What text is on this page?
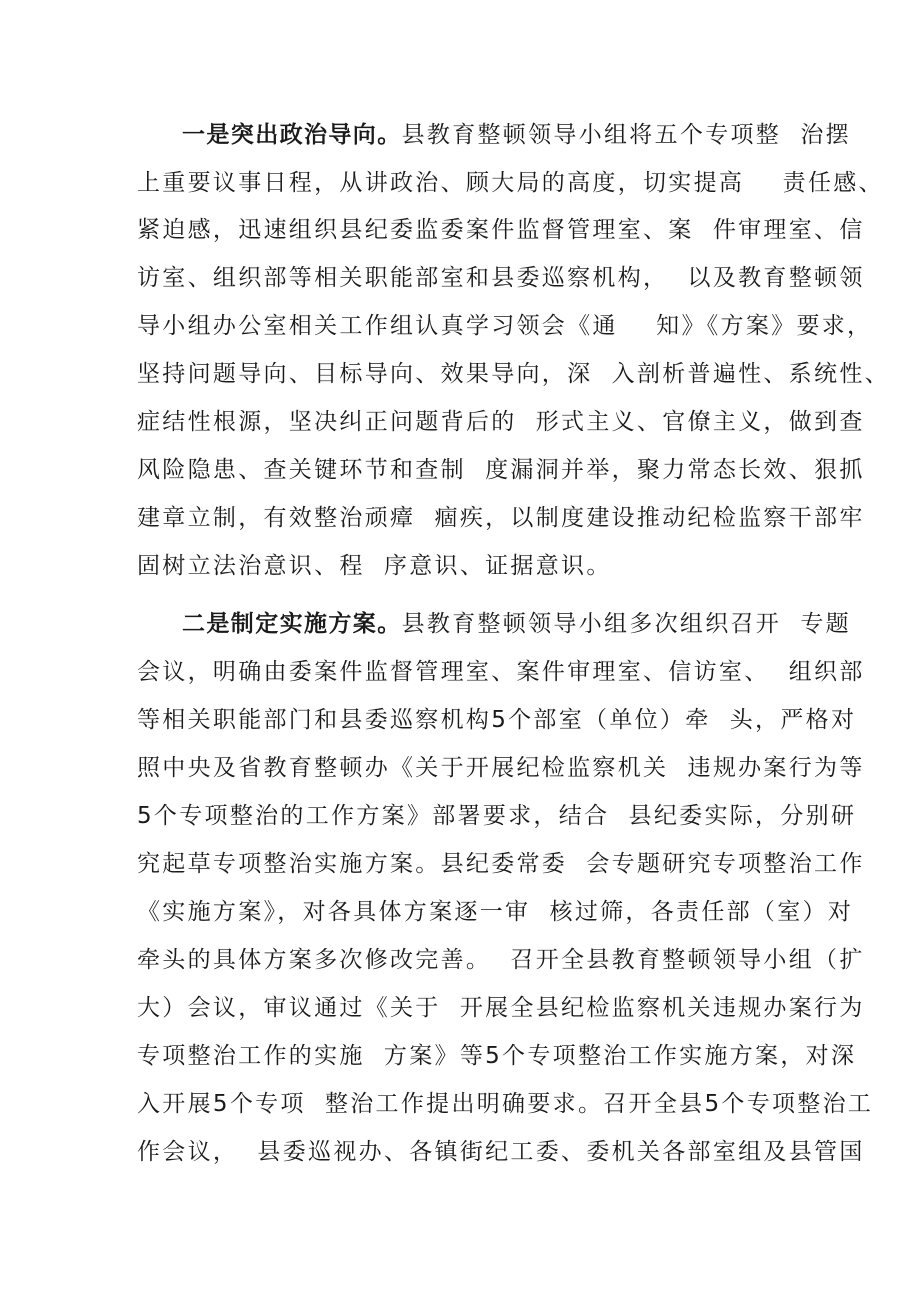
一是突出政治导向。县教育整顿领导小组将五个专项整  治摆
上重要议事日程，从讲政治、顾大局的高度，切实提高    责任感、
紧迫感，迅速组织县纪委监委案件监督管理室、案  件审理室、信
访室、组织部等相关职能部室和县委巡察机构，  以及教育整顿领
导小组办公室相关工作组认真学习领会《通    知》《方案》要求，
坚持问题导向、目标导向、效果导向，深  入剖析普遍性、系统性、
症结性根源，坚决纠正问题背后的  形式主义、官僚主义，做到查
风险隐患、查关键环节和查制  度漏洞并举，聚力常态长效、狠抓
建章立制，有效整治顽瘴  痼疾，以制度建设推动纪检监察干部牢
固树立法治意识、程  序意识、证据意识。
二是制定实施方案。县教育整顿领导小组多次组织召开  专题
会议，明确由委案件监督管理室、案件审理室、信访室、  组织部
等相关职能部门和县委巡察机构5个部室（单位）牵  头，严格对
照中央及省教育整顿办《关于开展纪检监察机关  违规办案行为等
5个专项整治的工作方案》部署要求，结合  县纪委实际，分别研
究起草专项整治实施方案。县纪委常委  会专题研究专项整治工作
《实施方案》，对各具体方案逐一审  核过筛，各责任部（室）对
牵头的具体方案多次修改完善。  召开全县教育整顿领导小组（扩
大）会议，审议通过《关于  开展全县纪检监察机关违规办案行为
专项整治工作的实施  方案》等5个专项整治工作实施方案，对深
入开展5个专项  整治工作提出明确要求。召开全县5个专项整治工
作会议，  县委巡视办、各镇街纪工委、委机关各部室组及县管国
